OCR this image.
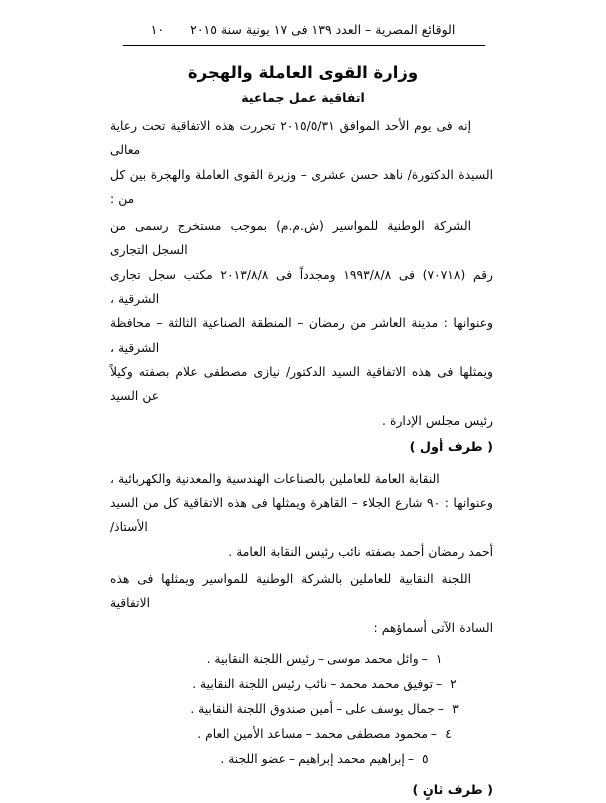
الوقائع المصرية – العدد ١٣٩ فى ١٧ يونية سنة ٢٠١٥
١٠
وزارة القوى العاملة والهجرة
اتفاقية عمل جماعية

إنه فى يوم الأحد الموافق ٢٠١٥/٥/٣١ تحررت هذه الاتفاقية تحت رعاية معالى

السيدة الدكتورة/ ناهد حسن عشرى – وزيرة القوى العاملة والهجرة بين كل من :

الشركة الوطنية للمواسير (ش.م.م) بموجب مستخرج رسمى من السجل التجارى

رقم (٧٠٧١٨) فى ١٩٩٣/٨/٨ ومجدداً فى ٢٠١٣/٨/٨ مكتب سجل تجارى الشرقية ،

وعنوانها : مدينة العاشر من رمضان – المنطقة الصناعية الثالثة – محافظة الشرقية ،

ويمثلها فى هذه الاتفاقية السيد الدكتور/ نيازى مصطفى علام بصفته وكيلاً عن السيد

رئيس مجلس الإدارة .

( طرف أول )

النقابة العامة للعاملين بالصناعات الهندسية والمعدنية والكهربائية ،

وعنوانها : ٩٠ شارع الجلاء – القاهرة ويمثلها فى هذه الاتفاقية كل من السيد الأستاذ/

أحمد رمضان أحمد بصفته نائب رئيس النقابة العامة .

اللجنة النقابية للعاملين بالشركة الوطنية للمواسير ويمثلها فى هذه الاتفاقية

السادة الآتى أسماؤهم :

١–وائل محمد موسى–رئيس اللجنة النقابية .
٢–توفيق محمد محمد–نائب رئيس اللجنة النقابية .
٣–جمال يوسف على–أمين صندوق اللجنة النقابية .
٤–محمود مصطفى محمد–مساعد الأمين العام .
٥–إبراهيم محمد إبراهيم–عضو اللجنة .

( طرف ثانٍ )
